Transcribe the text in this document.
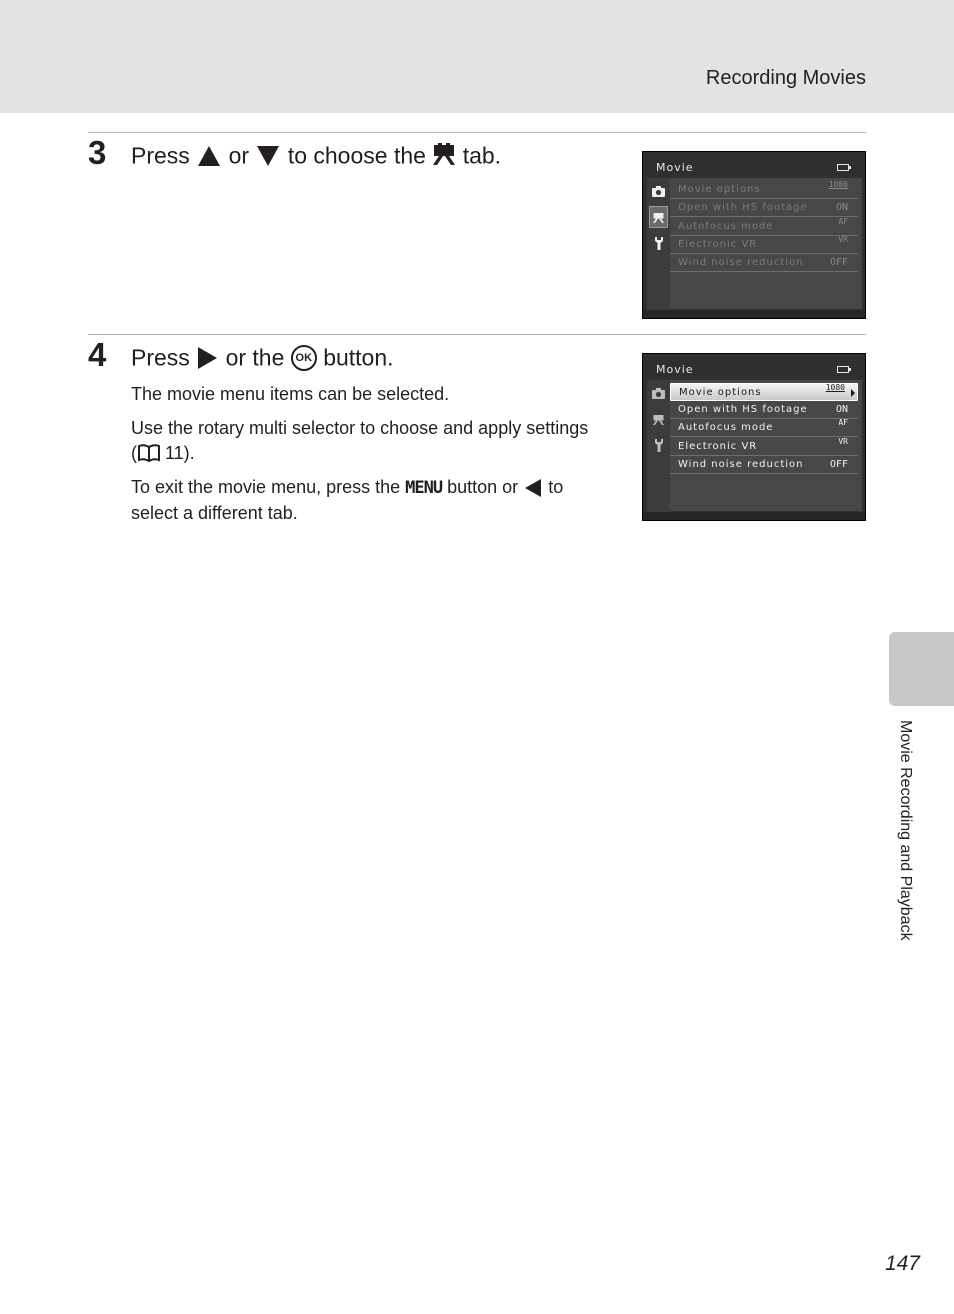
Recording Movies
3 Press or to choose the tab.	Movie
Movie options	1080
Open with HS footage	ON
Autofocus mode	AF
Electronic VR	VR
Wind noise reduction	OFF
4 Press or the OK button.
The movie menu items can be selected.
Use the rotary multi selector to choose and apply settings
( 11).
To exit the movie menu, press the MENU button or to
select a different tab.
Movie
Movie options	1080
Open with HS footage	ON
Autofocus mode	AF
Electronic VR	VR
Wind noise reduction	OFF
Movie Recording and Playback
147
